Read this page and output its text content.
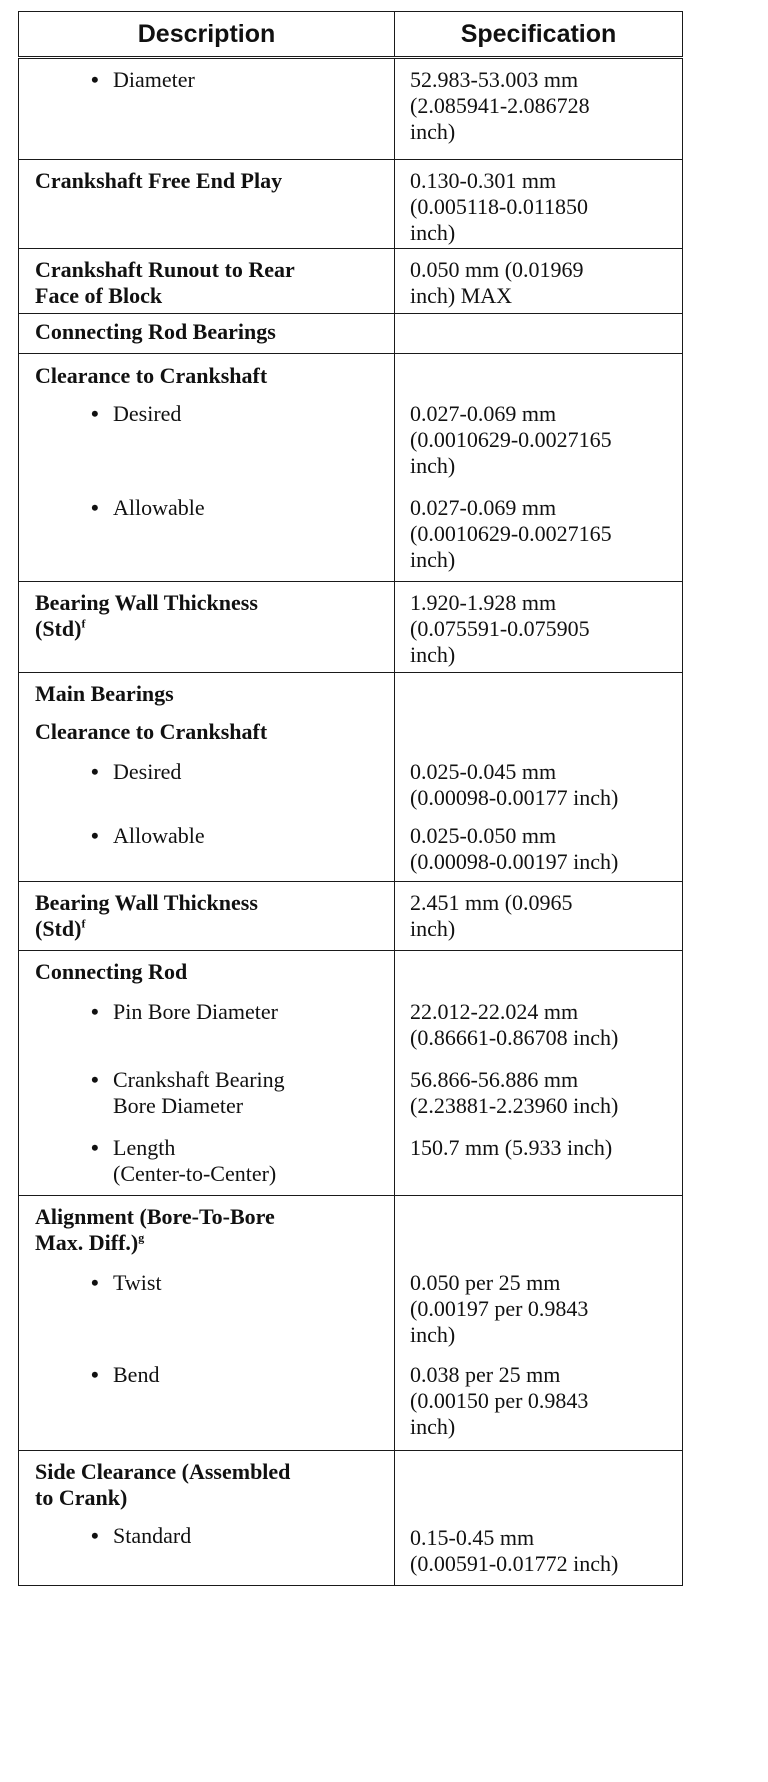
Description	Specification

• Diameter	52.983-53.003 mm
(2.085941-2.086728
inch)

Crankshaft Free End Play	0.130-0.301 mm
(0.005118-0.011850
inch)

Crankshaft Runout to Rear
Face of Block	0.050 mm (0.01969
inch) MAX

Connecting Rod Bearings	

Clearance to Crankshaft	

• Desired	0.027-0.069 mm
(0.0010629-0.0027165
inch)

• Allowable	0.027-0.069 mm
(0.0010629-0.0027165
inch)

Bearing Wall Thickness
(Std)$^f$	1.920-1.928 mm
(0.075591-0.075905
inch)

Main Bearings	

Clearance to Crankshaft	

• Desired	0.025-0.045 mm
(0.00098-0.00177 inch)

• Allowable	0.025-0.050 mm
(0.00098-0.00197 inch)

Bearing Wall Thickness
(Std)$^f$	2.451 mm (0.0965
inch)

Connecting Rod	

• Pin Bore Diameter	22.012-22.024 mm
(0.86661-0.86708 inch)

• Crankshaft Bearing
Bore Diameter	56.866-56.886 mm
(2.23881-2.23960 inch)

• Length
(Center-to-Center)	150.7 mm (5.933 inch)

Alignment (Bore-To-Bore
Max. Diff.)$^g$

• Twist	0.050 per 25 mm
(0.00197 per 0.9843
inch)

• Bend	0.038 per 25 mm
(0.00150 per 0.9843
inch)

Side Clearance (Assembled
to Crank)	

• Standard	0.15-0.45 mm
(0.00591-0.01772 inch)
